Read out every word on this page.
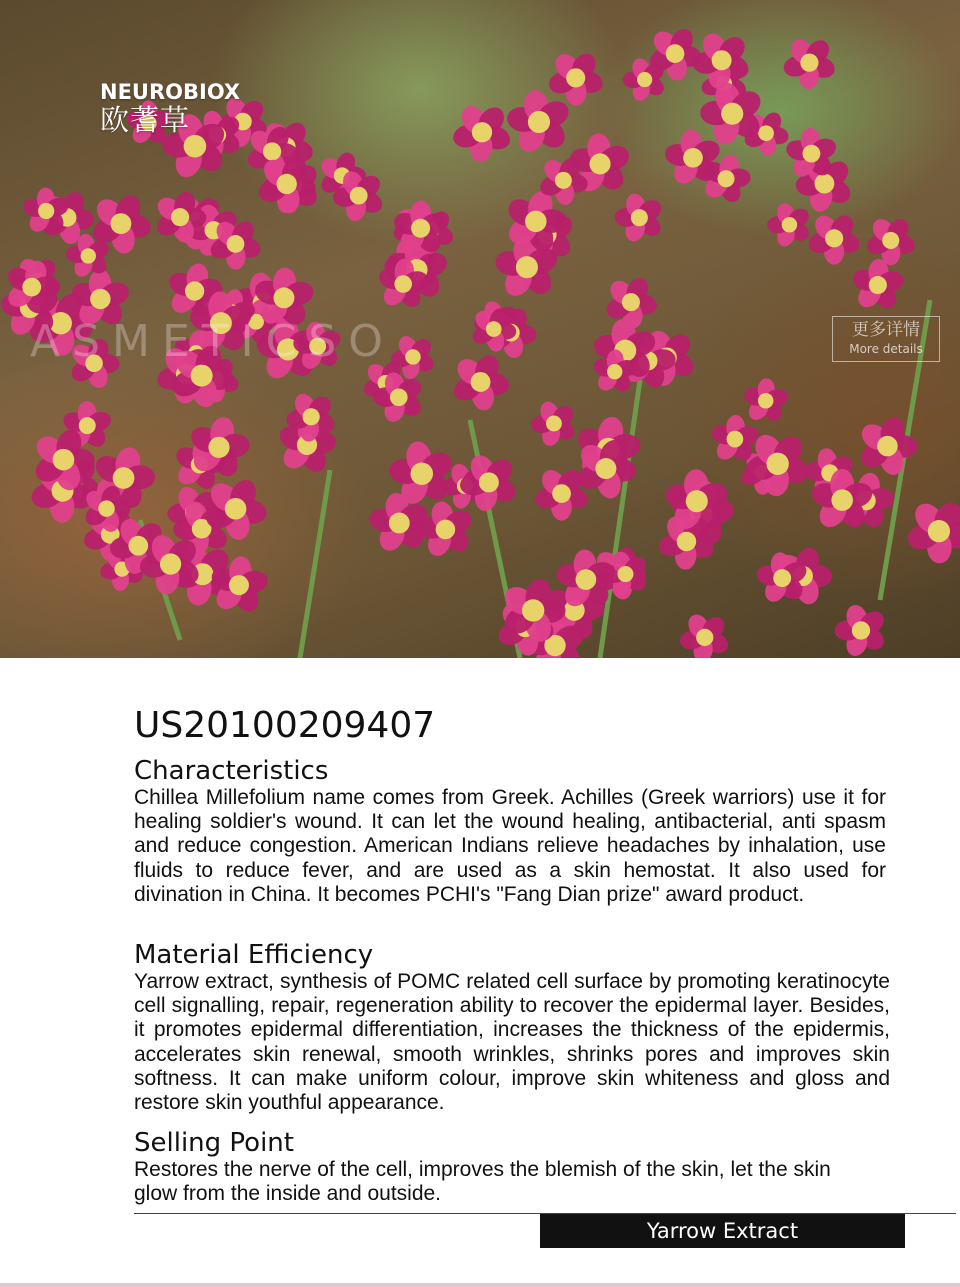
NEUROBIOX
欧蓍草
ASMETICSO	更多详情
More details
US20100209407
Characteristics

Chillea Millefolium name comes from Greek. Achilles (Greek warriors) use it for healing soldier's wound. It can let the wound healing, antibacterial, anti spasm and reduce congestion. American Indians relieve headaches by inhalation, use fluids to reduce fever, and are used as a skin hemostat. It also used for divination in China. It becomes PCHI's "Fang Dian prize" award product.

Material Efficiency

Yarrow extract, synthesis of POMC related cell surface by promoting keratinocyte cell signalling, repair, regeneration ability to recover the epidermal layer. Besides, it promotes epidermal differentiation, increases the thickness of the epidermis, accelerates skin renewal, smooth wrinkles, shrinks pores and improves skin softness. It can make uniform colour, improve skin whiteness and gloss and restore skin youthful appearance.

Selling Point

Restores the nerve of the cell, improves the blemish of the skin, let the skin glow from the inside and outside.

Yarrow Extract
